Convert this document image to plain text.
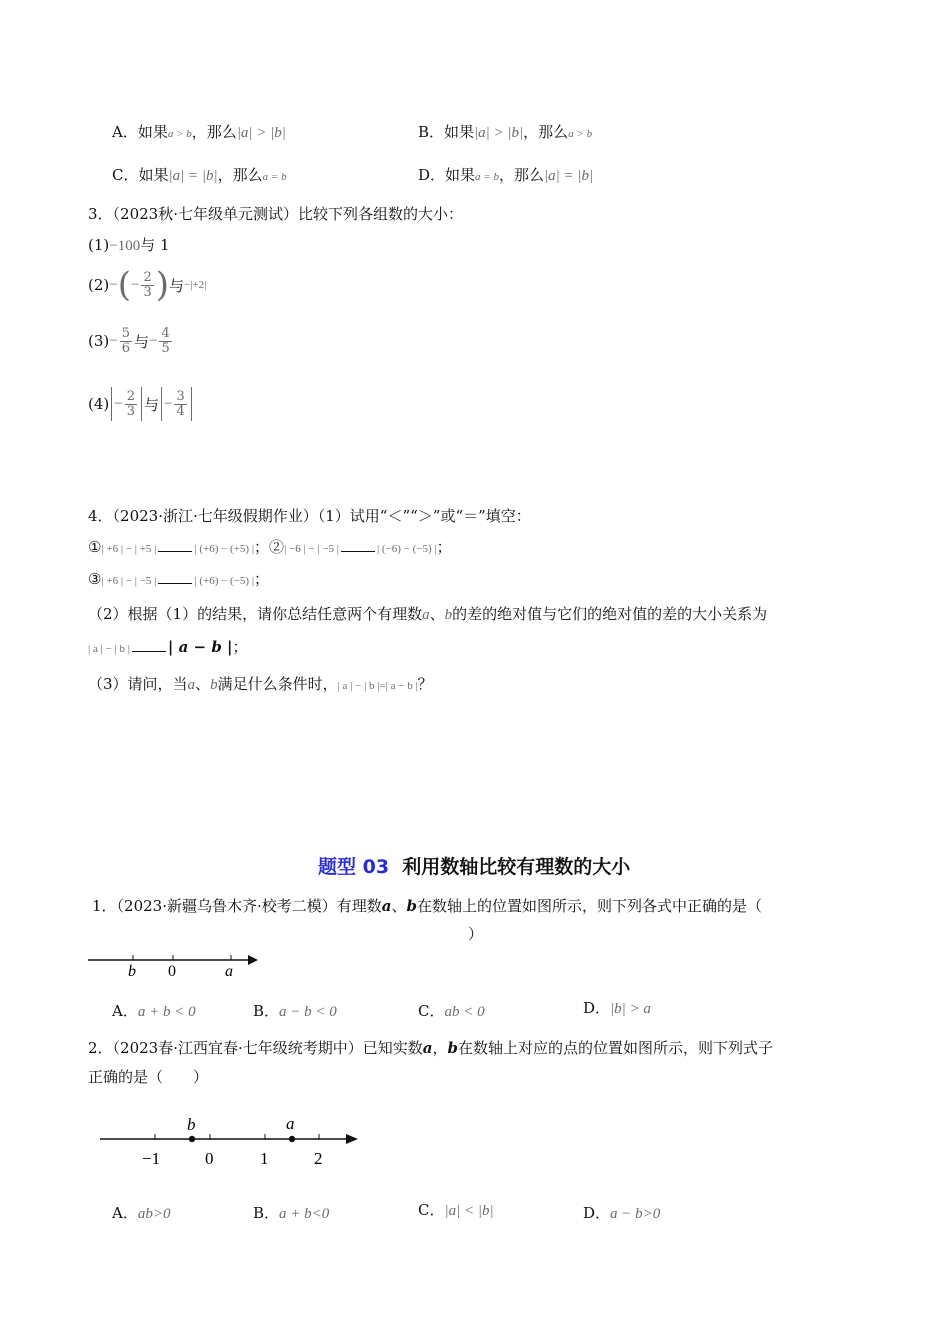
A．如果a > b，那么|a| > |b|	B．如果|a| > |b|，那么a > b
C．如果|a| = |b|，那么a = b	D．如果a = b，那么|a| = |b|
3．（2023秋·七年级单元测试）比较下列各组数的大小：
(1)−100与 1
(2) − ( − $\frac{2}{3}$ ) 与 −|+2|
$(3) - \frac{5}{6}$ 与 − $\frac{4}{5}$
$(4) - \frac{2}{3}$ 与 − $\frac{3}{4}$
4．（2023·浙江·七年级假期作业）（1）试用“＜”“＞”或“＝”填空：
①| +6 | − | +5 |	| (+6) − (+5) |；②| −6 | − | −5 |	| (−6) − (−5) |；
③| +6 | − | −5 |	| (+6) − (−5) |；
（2）根据（1）的结果，请你总结任意两个有理数a、b的差的绝对值与它们的绝对值的差的大小关系为
| a | − | b |	| a − b |；
（3）请问，当a、b满足什么条件时，| a | − | b |=| a − b |？
题型 03 利用数轴比较有理数的大小
1．（2023·新疆乌鲁木齐·校考二模）有理数a、b在数轴上的位置如图所示，则下列各式中正确的是（
）
b 0	a
A．a + b < 0	B．a − b < 0	C．ab < 0	D．|b| > a
2．（2023春·江西宜春·七年级统考期中）已知实数a，b在数轴上对应的点的位置如图所示，则下列式子
正确的是（　　）
b	a
−1	0	1	2
A．ab>0	B．a + b<0	C．|a| < |b|	D．a − b>0
